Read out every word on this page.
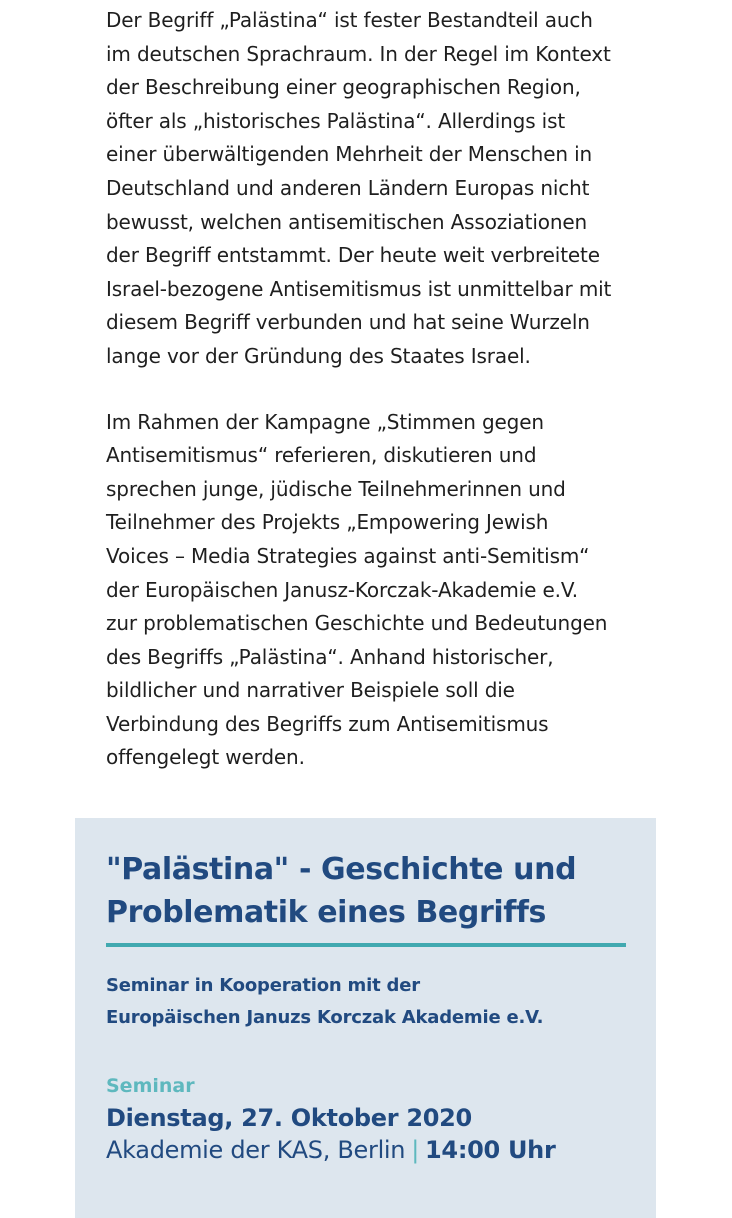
Der Begriff „Palästina“ ist fester Bestandteil auch
im deutschen Sprachraum. In der Regel im Kontext
der Beschreibung einer geographischen Region,
öfter als „historisches Palästina“. Allerdings ist
einer überwältigenden Mehrheit der Menschen in
Deutschland und anderen Ländern Europas nicht
bewusst, welchen antisemitischen Assoziationen
der Begriff entstammt. Der heute weit verbreitete
Israel-bezogene Antisemitismus ist unmittelbar mit
diesem Begriff verbunden und hat seine Wurzeln
lange vor der Gründung des Staates Israel.

Im Rahmen der Kampagne „Stimmen gegen
Antisemitismus“ referieren, diskutieren und
sprechen junge, jüdische Teilnehmerinnen und
Teilnehmer des Projekts „Empowering Jewish
Voices – Media Strategies against anti-Semitism“
der Europäischen Janusz-Korczak-Akademie e.V.
zur problematischen Geschichte und Bedeutungen
des Begriffs „Palästina“. Anhand historischer,
bildlicher und narrativer Beispiele soll die
Verbindung des Begriffs zum Antisemitismus
offengelegt werden.

"Palästina" - Geschichte und
Problematik eines Begriffs

Seminar in Kooperation mit der
Europäischen Januzs Korczak Akademie e.V.

Seminar
Dienstag, 27. Oktober 2020
Akademie der KAS, Berlin | 14:00 Uhr
